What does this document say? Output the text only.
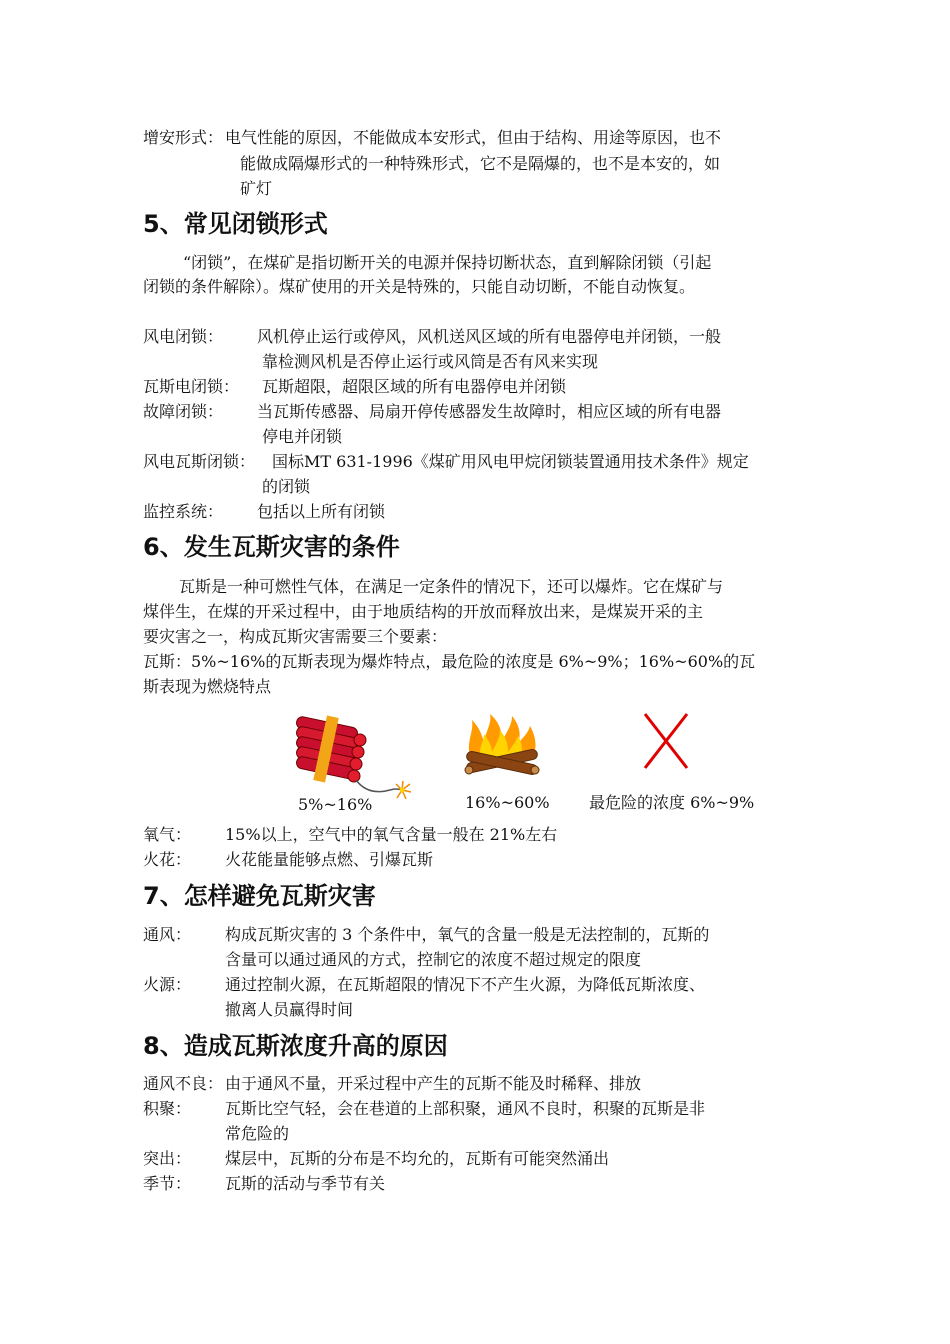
增安形式： 电气性能的原因，不能做成本安形式，但由于结构、用途等原因，也不
能做成隔爆形式的一种特殊形式，它不是隔爆的，也不是本安的，如
矿灯
5、常见闭锁形式
“闭锁”，在煤矿是指切断开关的电源并保持切断状态，直到解除闭锁（引起
闭锁的条件解除）。煤矿使用的开关是特殊的，只能自动切断，不能自动恢复。
风电闭锁： 风机停止运行或停风，风机送风区域的所有电器停电并闭锁，一般
靠检测风机是否停止运行或风筒是否有风来实现
瓦斯电闭锁： 瓦斯超限，超限区域的所有电器停电并闭锁
故障闭锁： 当瓦斯传感器、局扇开停传感器发生故障时，相应区域的所有电器
停电并闭锁
风电瓦斯闭锁： 国标MT 631-1996《煤矿用风电甲烷闭锁装置通用技术条件》规定
的闭锁
监控系统： 包括以上所有闭锁
6、发生瓦斯灾害的条件
瓦斯是一种可燃性气体，在满足一定条件的情况下，还可以爆炸。它在煤矿与
煤伴生，在煤的开采过程中，由于地质结构的开放而释放出来，是煤炭开采的主
要灾害之一，构成瓦斯灾害需要三个要素：
瓦斯：5%~16%的瓦斯表现为爆炸特点，最危险的浓度是 6%~9%；16%~60%的瓦
斯表现为燃烧特点
5%~16%	16%~60% 最危险的浓度 6%~9%
氧气： 15%以上，空气中的氧气含量一般在 21%左右
火花： 火花能量能够点燃、引爆瓦斯
7、怎样避免瓦斯灾害
通风： 构成瓦斯灾害的 3 个条件中，氧气的含量一般是无法控制的，瓦斯的
含量可以通过通风的方式，控制它的浓度不超过规定的限度
火源： 通过控制火源，在瓦斯超限的情况下不产生火源，为降低瓦斯浓度、
撤离人员赢得时间
8、造成瓦斯浓度升高的原因
通风不良： 由于通风不量，开采过程中产生的瓦斯不能及时稀释、排放
积聚： 瓦斯比空气轻，会在巷道的上部积聚，通风不良时，积聚的瓦斯是非
常危险的
突出： 煤层中，瓦斯的分布是不均允的，瓦斯有可能突然涌出
季节： 瓦斯的活动与季节有关
